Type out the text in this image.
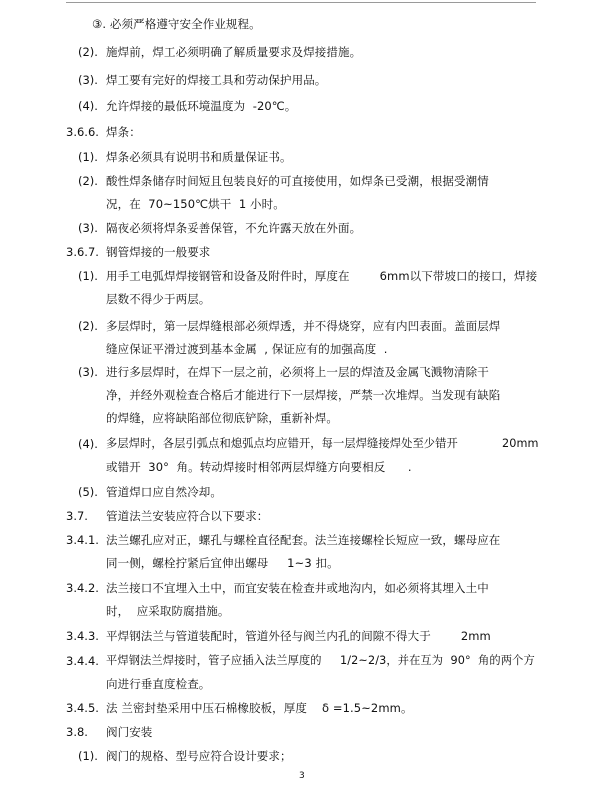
③. 必须严格遵守安全作业规程。
(2). 施焊前，焊工必须明确了解质量要求及焊接措施。
(3). 焊工要有完好的焊接工具和劳动保护用品。
(4). 允许焊接的最低环境温度为  -20℃。
3.6.6. 焊条：
(1). 焊条必须具有说明书和质量保证书。
(2). 酸性焊条储存时间短且包装良好的可直接使用，如焊条已受潮，根据受潮情
况，在  70~150℃烘干  1 小时。
(3). 隔夜必须将焊条妥善保管，不允许露天放在外面。
3.6.7. 钢管焊接的一般要求
(1). 用手工电弧焊焊接钢管和设备及附件时，厚度在        6mm以下带坡口的接口，焊接
层数不得少于两层。
(2). 多层焊时，第一层焊缝根部必须焊透，并不得烧穿，应有内凹表面。盖面层焊
缝应保证平滑过渡到基本金属  , 保证应有的加强高度  .
(3). 进行多层焊时，在焊下一层之前，必须将上一层的焊渣及金属飞溅物清除干
净，并经外观检查合格后才能进行下一层焊接，严禁一次堆焊。当发现有缺陷
的焊缝，应将缺陷部位彻底铲除，重新补焊。
(4). 多层焊时，各层引弧点和熄弧点均应错开，每一层焊缝接焊处至少错开            20mm
或错开  30°  角。转动焊接时相邻两层焊缝方向要相反      .
(5). 管道焊口应自然冷却。
3.7. 管道法兰安装应符合以下要求：
3.4.1. 法兰螺孔应对正，螺孔与螺栓直径配套。法兰连接螺栓长短应一致，螺母应在
同一侧，螺栓拧紧后宜伸出螺母     1~3 扣。
3.4.2. 法兰接口不宜埋入土中，而宜安装在检查井或地沟内，如必须将其埋入土中
时，  应采取防腐措施。
3.4.3. 平焊钢法兰与管道装配时，管道外径与阀兰内孔的间隙不得大于        2mm
3.4.4. 平焊钢法兰焊接时，管子应插入法兰厚度的     1/2~2/3，并在互为  90°  角的两个方
向进行垂直度检查。
3.4.5. 法 兰密封垫采用中压石棉橡胶板，厚度    δ =1.5~2mm。
3.8. 阀门安装
(1). 阀门的规格、型号应符合设计要求；
3
